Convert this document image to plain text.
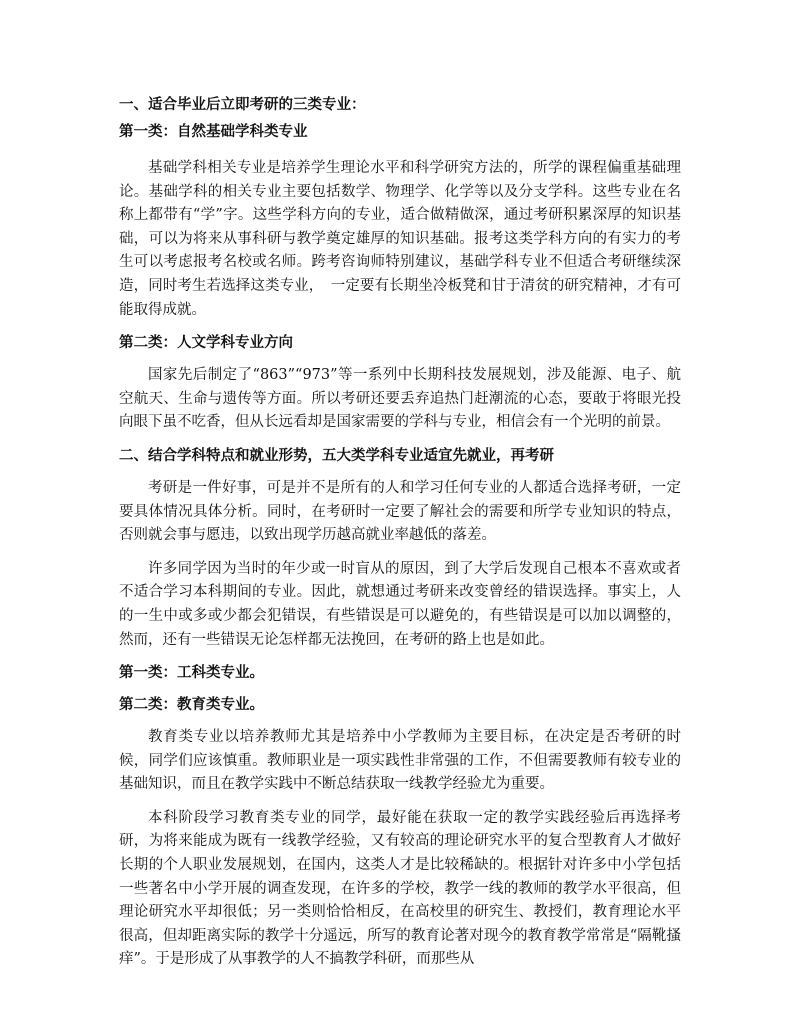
一、适合毕业后立即考研的三类专业：
第一类：自然基础学科类专业

基础学科相关专业是培养学生理论水平和科学研究方法的，所学的课程偏重基础理论。基础学科的相关专业主要包括数学、物理学、化学等以及分支学科。这些专业在名称上都带有“学”字。这些学科方向的专业，适合做精做深，通过考研积累深厚的知识基础，可以为将来从事科研与教学奠定雄厚的知识基础。报考这类学科方向的有实力的考生可以考虑报考名校或名师。跨考咨询师特别建议，基础学科专业不但适合考研继续深造，同时考生若选择这类专业，　一定要有长期坐冷板凳和甘于清贫的研究精神，才有可能取得成就。

第二类：人文学科专业方向

国家先后制定了“863”“973”等一系列中长期科技发展规划，涉及能源、电子、航空航天、生命与遗传等方面。所以考研还要丢弃追热门赶潮流的心态，要敢于将眼光投向眼下虽不吃香，但从长远看却是国家需要的学科与专业，相信会有一个光明的前景。

二、结合学科特点和就业形势，五大类学科专业适宜先就业，再考研

考研是一件好事，可是并不是所有的人和学习任何专业的人都适合选择考研，一定要具体情况具体分析。同时，在考研时一定要了解社会的需要和所学专业知识的特点，否则就会事与愿违，以致出现学历越高就业率越低的落差。

许多同学因为当时的年少或一时盲从的原因，到了大学后发现自己根本不喜欢或者不适合学习本科期间的专业。因此，就想通过考研来改变曾经的错误选择。事实上，人的一生中或多或少都会犯错误，有些错误是可以避免的，有些错误是可以加以调整的，然而，还有一些错误无论怎样都无法挽回，在考研的路上也是如此。

第一类：工科类专业。
第二类：教育类专业。

教育类专业以培养教师尤其是培养中小学教师为主要目标，在决定是否考研的时候，同学们应该慎重。教师职业是一项实践性非常强的工作，不但需要教师有较专业的基础知识，而且在教学实践中不断总结获取一线教学经验尤为重要。

本科阶段学习教育类专业的同学，最好能在获取一定的教学实践经验后再选择考研，为将来能成为既有一线教学经验，又有较高的理论研究水平的复合型教育人才做好长期的个人职业发展规划，在国内，这类人才是比较稀缺的。根据针对许多中小学包括一些著名中小学开展的调查发现，在许多的学校，教学一线的教师的教学水平很高，但理论研究水平却很低；另一类则恰恰相反，在高校里的研究生、教授们，教育理论水平很高，但却距离实际的教学十分遥远，所写的教育论著对现今的教育教学常常是“隔靴搔痒”。于是形成了从事教学的人不搞教学科研，而那些从
